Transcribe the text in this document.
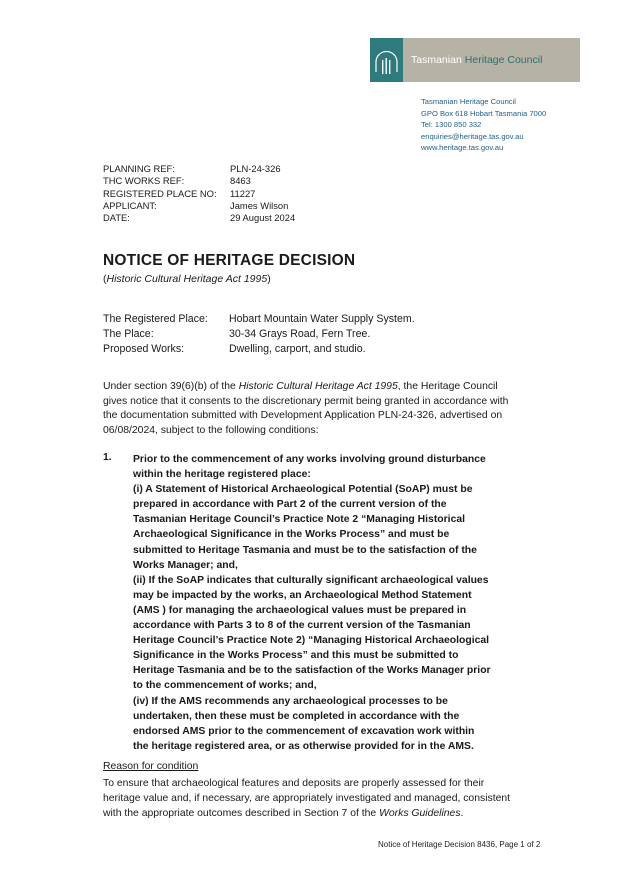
Tasmanian Heritage Council
Tasmanian Heritage Council
GPO Box 618 Hobart Tasmania 7000
Tel: 1300 850 332
enquiries@heritage.tas.gov.au
www.heritage.tas.gov.au
PLANNING REF:	PLN-24-326
THC WORKS REF:	8463
REGISTERED PLACE NO:	11227
APPLICANT:	James Wilson
DATE:	29 August 2024
NOTICE OF HERITAGE DECISION
(Historic Cultural Heritage Act 1995)
The Registered Place:	Hobart Mountain Water Supply System.
The Place:	30-34 Grays Road, Fern Tree.
Proposed Works:	Dwelling, carport, and studio.
Under section 39(6)(b) of the Historic Cultural Heritage Act 1995, the Heritage Council
gives notice that it consents to the discretionary permit being granted in accordance with
the documentation submitted with Development Application PLN-24-326, advertised on
06/08/2024, subject to the following conditions:
1. Prior to the commencement of any works involving ground disturbance
within the heritage registered place:
(i) A Statement of Historical Archaeological Potential (SoAP) must be
prepared in accordance with Part 2 of the current version of the
Tasmanian Heritage Council’s Practice Note 2 “Managing Historical
Archaeological Significance in the Works Process” and must be
submitted to Heritage Tasmania and must be to the satisfaction of the
Works Manager; and,
(ii) If the SoAP indicates that culturally significant archaeological values
may be impacted by the works, an Archaeological Method Statement
(AMS ) for managing the archaeological values must be prepared in
accordance with Parts 3 to 8 of the current version of the Tasmanian
Heritage Council’s Practice Note 2) “Managing Historical Archaeological
Significance in the Works Process” and this must be submitted to
Heritage Tasmania and be to the satisfaction of the Works Manager prior
to the commencement of works; and,
(iv) If the AMS recommends any archaeological processes to be
undertaken, then these must be completed in accordance with the
endorsed AMS prior to the commencement of excavation work within
the heritage registered area, or as otherwise provided for in the AMS.
Reason for condition
To ensure that archaeological features and deposits are properly assessed for their
heritage value and, if necessary, are appropriately investigated and managed, consistent
with the appropriate outcomes described in Section 7 of the Works Guidelines.
Notice of Heritage Decision 8436, Page 1 of 2
